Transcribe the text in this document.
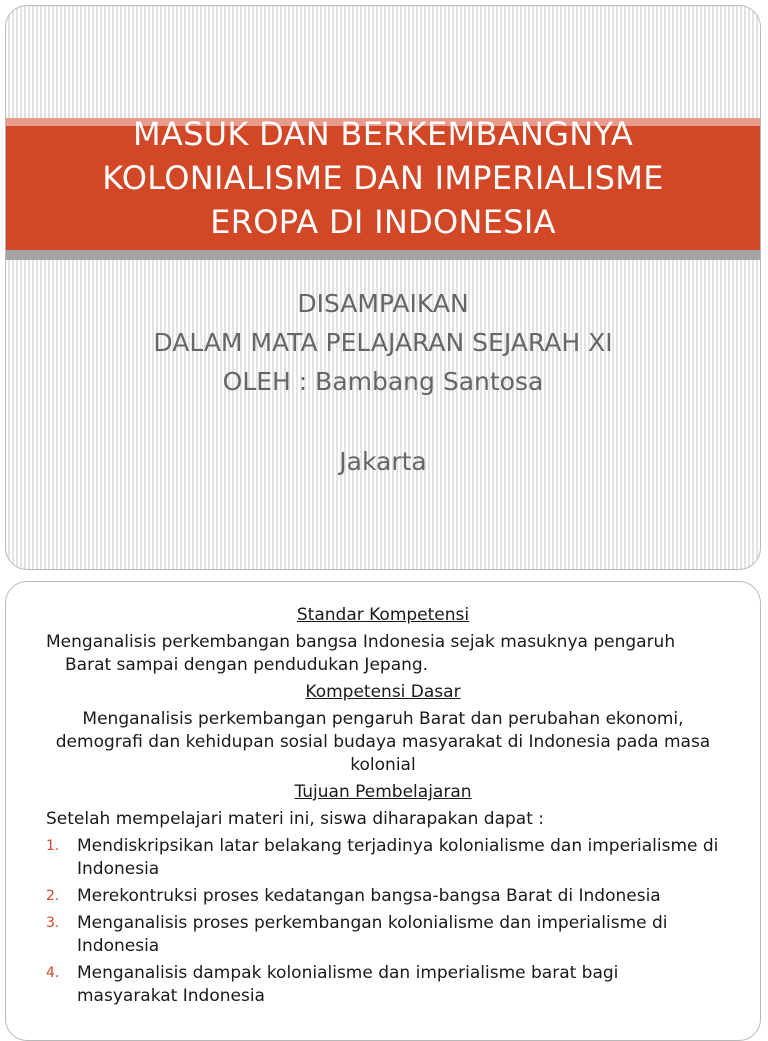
MASUK DAN BERKEMBANGNYA
KOLONIALISME DAN IMPERIALISME
EROPA DI INDONESIA
DISAMPAIKAN
DALAM MATA PELAJARAN SEJARAH XI
OLEH : Bambang Santosa
Jakarta
Standar Kompetensi
Menganalisis perkembangan bangsa Indonesia sejak masuknya pengaruh Barat sampai dengan pendudukan Jepang.
Kompetensi Dasar
Menganalisis perkembangan pengaruh Barat dan perubahan ekonomi, demografi dan kehidupan sosial budaya masyarakat di Indonesia pada masa kolonial
Tujuan Pembelajaran
Setelah mempelajari materi ini, siswa diharapakan dapat :
1. Mendiskripsikan latar belakang terjadinya kolonialisme dan imperialisme di Indonesia
2. Merekontruksi proses kedatangan bangsa-bangsa Barat di Indonesia
3. Menganalisis proses perkembangan kolonialisme dan imperialisme di Indonesia
4. Menganalisis dampak kolonialisme dan imperialisme barat bagi masyarakat Indonesia
